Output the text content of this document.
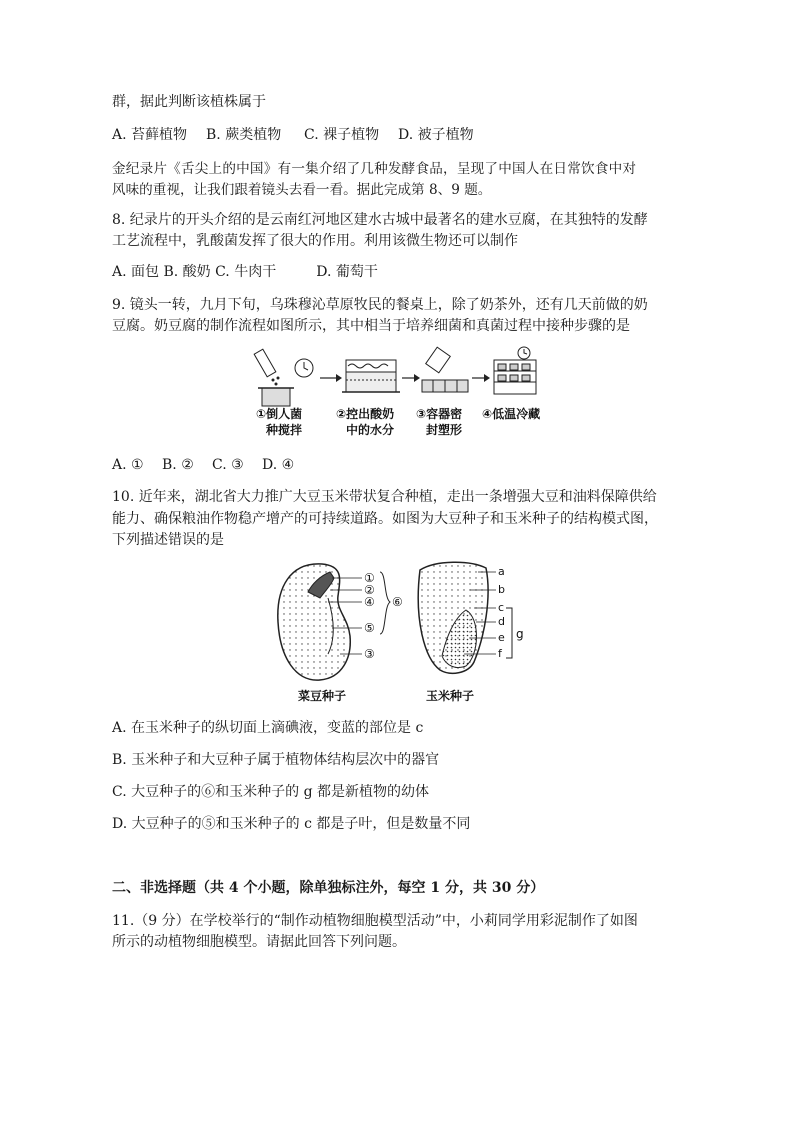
群，据此判断该植株属于
A. 苔藓植物 B. 蕨类植物 C. 裸子植物 D. 被子植物
金纪录片《舌尖上的中国》有一集介绍了几种发酵食品，呈现了中国人在日常饮食中对
风味的重视，让我们跟着镜头去看一看。据此完成第 8、9 题。
8. 纪录片的开头介绍的是云南红河地区建水古城中最著名的建水豆腐，在其独特的发酵
工艺流程中，乳酸菌发挥了很大的作用。利用该微生物还可以制作
A. 面包 B. 酸奶 C. 牛肉干	D. 葡萄干
9. 镜头一转，九月下旬，乌珠穆沁草原牧民的餐桌上，除了奶茶外，还有几天前做的奶
豆腐。奶豆腐的制作流程如图所示，其中相当于培养细菌和真菌过程中接种步骤的是
①倒人菌
种搅拌
②控出酸奶
中的水分
③容器密
封塑形
④低温冷藏
A. ① B. ② C. ③ D. ④
10. 近年来，湖北省大力推广大豆玉米带状复合种植，走出一条增强大豆和油料保障供给
能力、确保粮油作物稳产增产的可持续道路。如图为大豆种子和玉米种子的结构模式图，
下列描述错误的是
①
②
④
⑤
③
⑥
a
b
c
d
e
f
g
菜豆种子	玉米种子
A. 在玉米种子的纵切面上滴碘液，变蓝的部位是 c
B. 玉米种子和大豆种子属于植物体结构层次中的器官
C. 大豆种子的⑥和玉米种子的 g 都是新植物的幼体
D. 大豆种子的⑤和玉米种子的 c 都是子叶，但是数量不同
二、非选择题（共 4 个小题，除单独标注外，每空 1 分，共 30 分）
11.（9 分）在学校举行的“制作动植物细胞模型活动”中，小莉同学用彩泥制作了如图
所示的动植物细胞模型。请据此回答下列问题。
